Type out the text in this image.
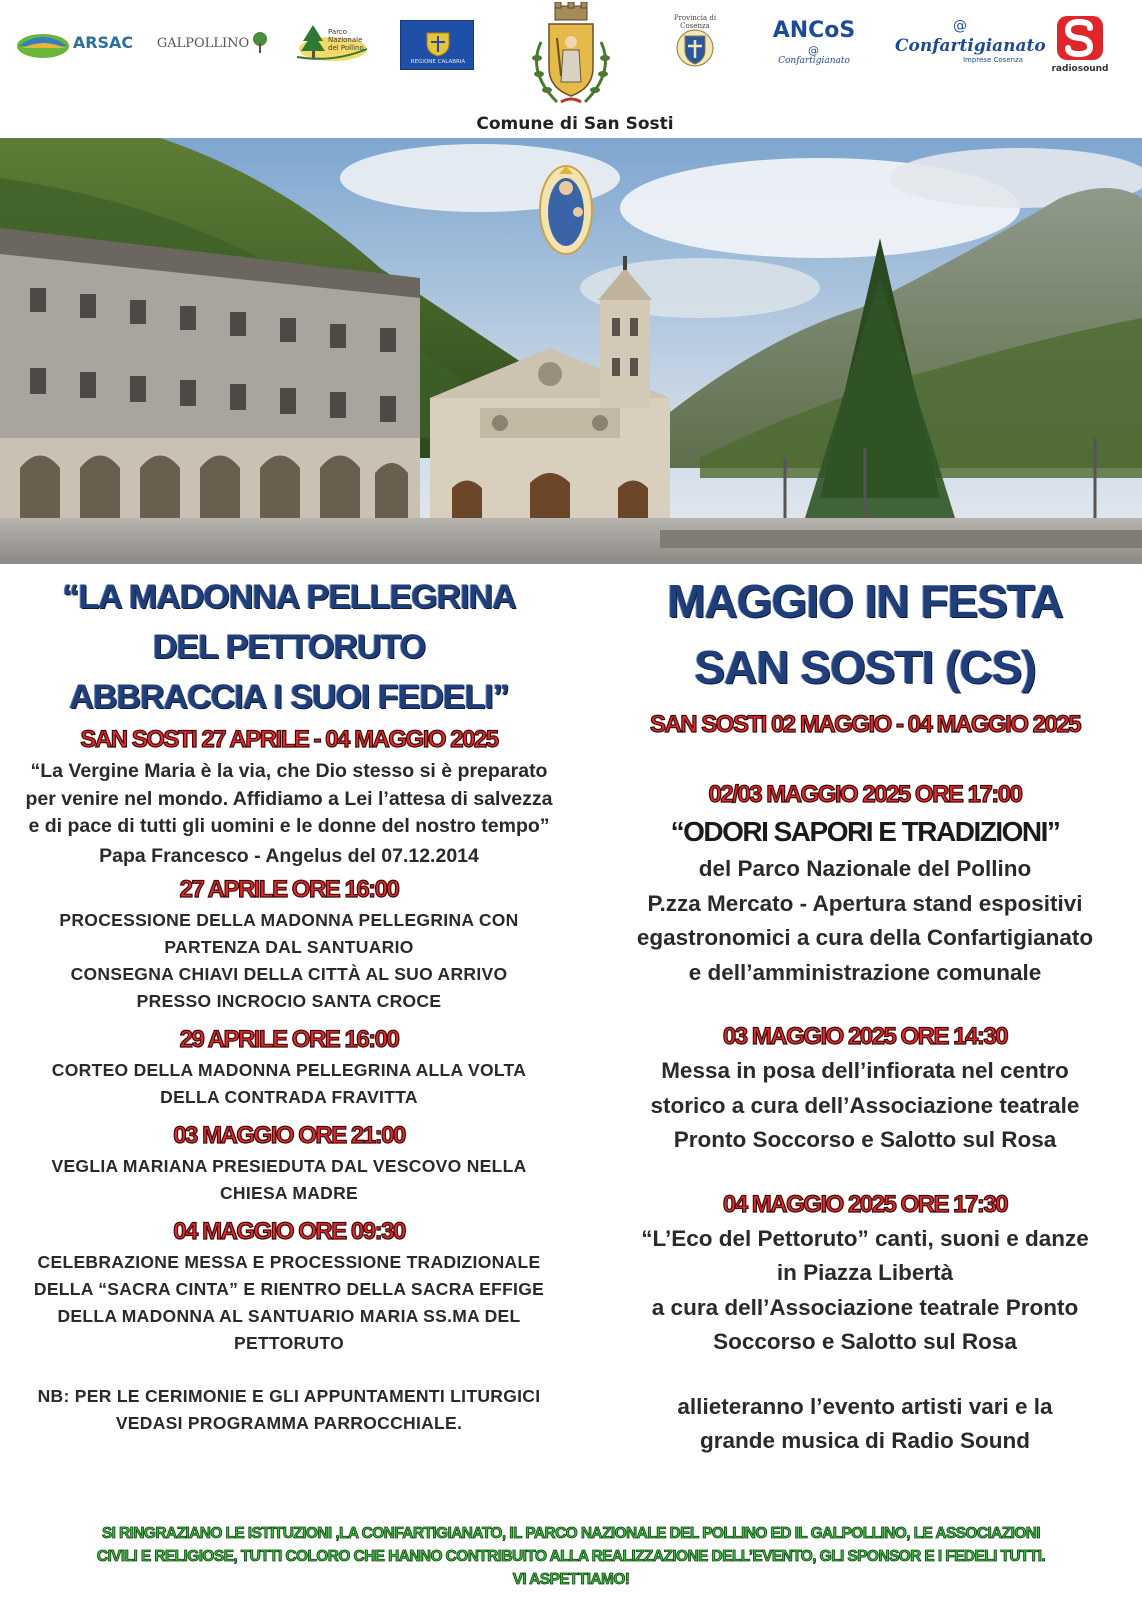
ARSAC GALPOLLINO
Parco Nazionale del Pollino
REGIONE CALABRIA
Comune di San Sosti
Provincia di Cosenza	ANCoS
@
Confartigianato
@
Confartigianato
Imprese Cosenza
radiosound
“LA MADONNA PELLEGRINA
DEL PETTORUTO
ABBRACCIA I SUOI FEDELI”
SAN SOSTI 27 APRILE - 04 MAGGIO 2025
“La Vergine Maria è la via, che Dio stesso si è preparato per venire nel mondo. Affidiamo a Lei l’attesa di salvezza e di pace di tutti gli uomini e le donne del nostro tempo”
Papa Francesco - Angelus del 07.12.2014
27 APRILE ORE 16:00
PROCESSIONE DELLA MADONNA PELLEGRINA CON
PARTENZA DAL SANTUARIO
CONSEGNA CHIAVI DELLA CITTÀ AL SUO ARRIVO
PRESSO INCROCIO SANTA CROCE
29 APRILE ORE 16:00
CORTEO DELLA MADONNA PELLEGRINA ALLA VOLTA
DELLA CONTRADA FRAVITTA
03 MAGGIO ORE 21:00
VEGLIA MARIANA PRESIEDUTA DAL VESCOVO NELLA
CHIESA MADRE
04 MAGGIO ORE 09:30
CELEBRAZIONE MESSA E PROCESSIONE TRADIZIONALE
DELLA “SACRA CINTA” E RIENTRO DELLA SACRA EFFIGE
DELLA MADONNA AL SANTUARIO MARIA SS.MA DEL
PETTORUTO
NB: PER LE CERIMONIE E GLI APPUNTAMENTI LITURGICI
VEDASI PROGRAMMA PARROCCHIALE.
MAGGIO IN FESTA
SAN SOSTI (CS)
SAN SOSTI 02 MAGGIO - 04 MAGGIO 2025
02/03 MAGGIO 2025 ORE 17:00
“ODORI SAPORI E TRADIZIONI”
del Parco Nazionale del Pollino
P.zza Mercato - Apertura stand espositivi
egastronomici a cura della Confartigianato
e dell’amministrazione comunale
03 MAGGIO 2025 ORE 14:30
Messa in posa dell’infiorata nel centro
storico a cura dell’Associazione teatrale
Pronto Soccorso e Salotto sul Rosa
04 MAGGIO 2025 ORE 17:30
“L’Eco del Pettoruto” canti, suoni e danze
in Piazza Libertà
a cura dell’Associazione teatrale Pronto
Soccorso e Salotto sul Rosa
allieteranno l’evento artisti vari e la
grande musica di Radio Sound
SI RINGRAZIANO LE ISTITUZIONI ,LA CONFARTIGIANATO, IL PARCO NAZIONALE DEL POLLINO ED IL GALPOLLINO, LE ASSOCIAZIONI
CIVILI E RELIGIOSE, TUTTI COLORO CHE HANNO CONTRIBUITO ALLA REALIZZAZIONE DELL’EVENTO, GLI SPONSOR E I FEDELI TUTTI.
VI ASPETTIAMO!
